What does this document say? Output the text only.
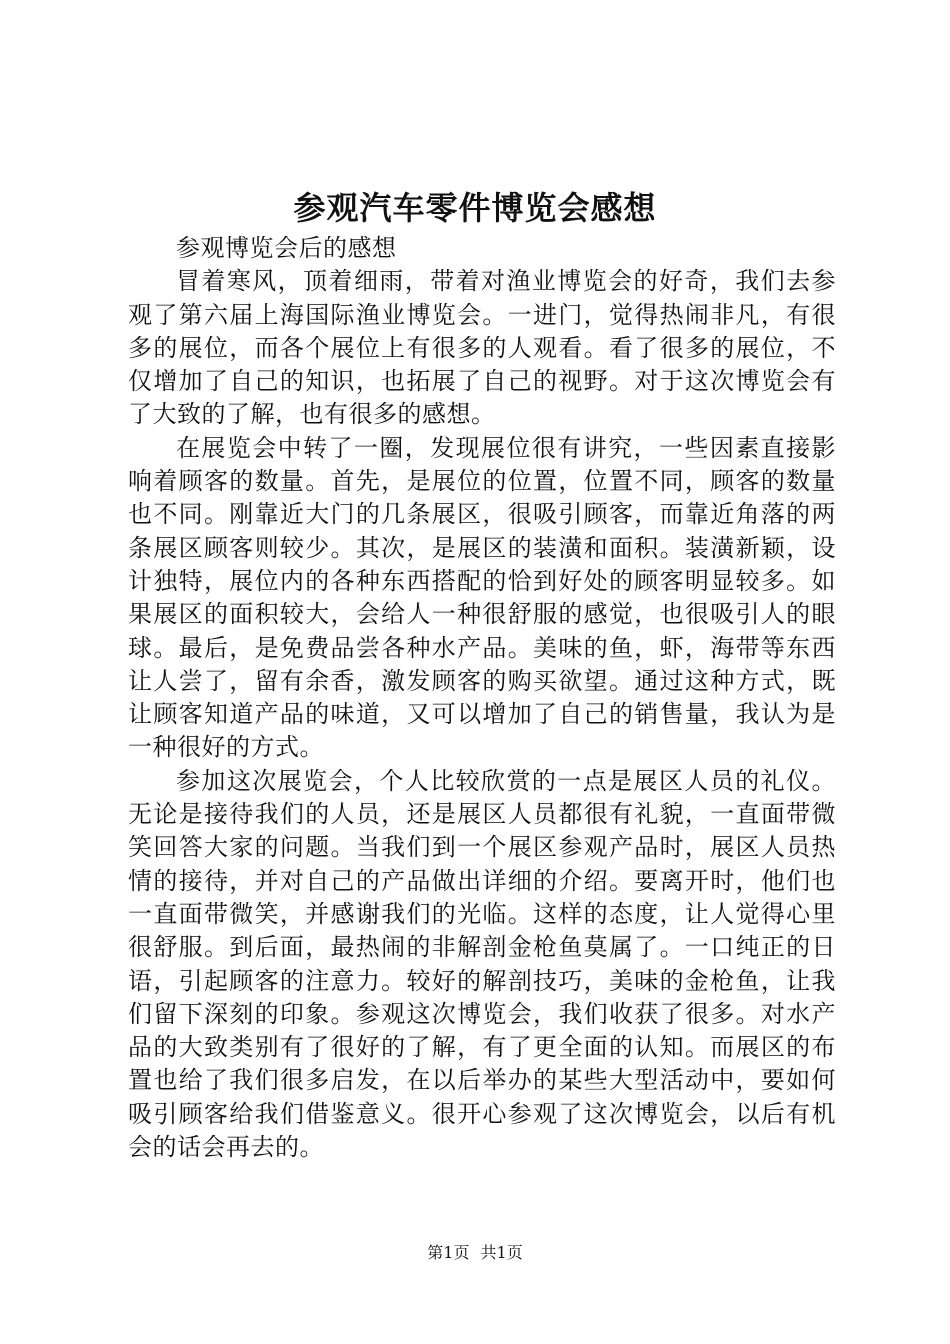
参观汽车零件博览会感想

参观博览会后的感想

冒着寒风，顶着细雨，带着对渔业博览会的好奇，我们去参观了第六届上海国际渔业博览会。一进门，觉得热闹非凡，有很多的展位，而各个展位上有很多的人观看。看了很多的展位，不仅增加了自己的知识，也拓展了自己的视野。对于这次博览会有了大致的了解，也有很多的感想。

在展览会中转了一圈，发现展位很有讲究，一些因素直接影响着顾客的数量。首先，是展位的位置，位置不同，顾客的数量也不同。刚靠近大门的几条展区，很吸引顾客，而靠近角落的两条展区顾客则较少。其次，是展区的装潢和面积。装潢新颖，设计独特，展位内的各种东西搭配的恰到好处的顾客明显较多。如果展区的面积较大，会给人一种很舒服的感觉，也很吸引人的眼球。最后，是免费品尝各种水产品。美味的鱼，虾，海带等东西让人尝了，留有余香，激发顾客的购买欲望。通过这种方式，既让顾客知道产品的味道，又可以增加了自己的销售量，我认为是一种很好的方式。

参加这次展览会，个人比较欣赏的一点是展区人员的礼仪。无论是接待我们的人员，还是展区人员都很有礼貌，一直面带微笑回答大家的问题。当我们到一个展区参观产品时，展区人员热情的接待，并对自己的产品做出详细的介绍。要离开时，他们也一直面带微笑，并感谢我们的光临。这样的态度，让人觉得心里很舒服。到后面，最热闹的非解剖金枪鱼莫属了。一口纯正的日语，引起顾客的注意力。较好的解剖技巧，美味的金枪鱼，让我们留下深刻的印象。参观这次博览会，我们收获了很多。对水产品的大致类别有了很好的了解，有了更全面的认知。而展区的布置也给了我们很多启发，在以后举办的某些大型活动中，要如何吸引顾客给我们借鉴意义。很开心参观了这次博览会，以后有机会的话会再去的。

第1页 共1页
